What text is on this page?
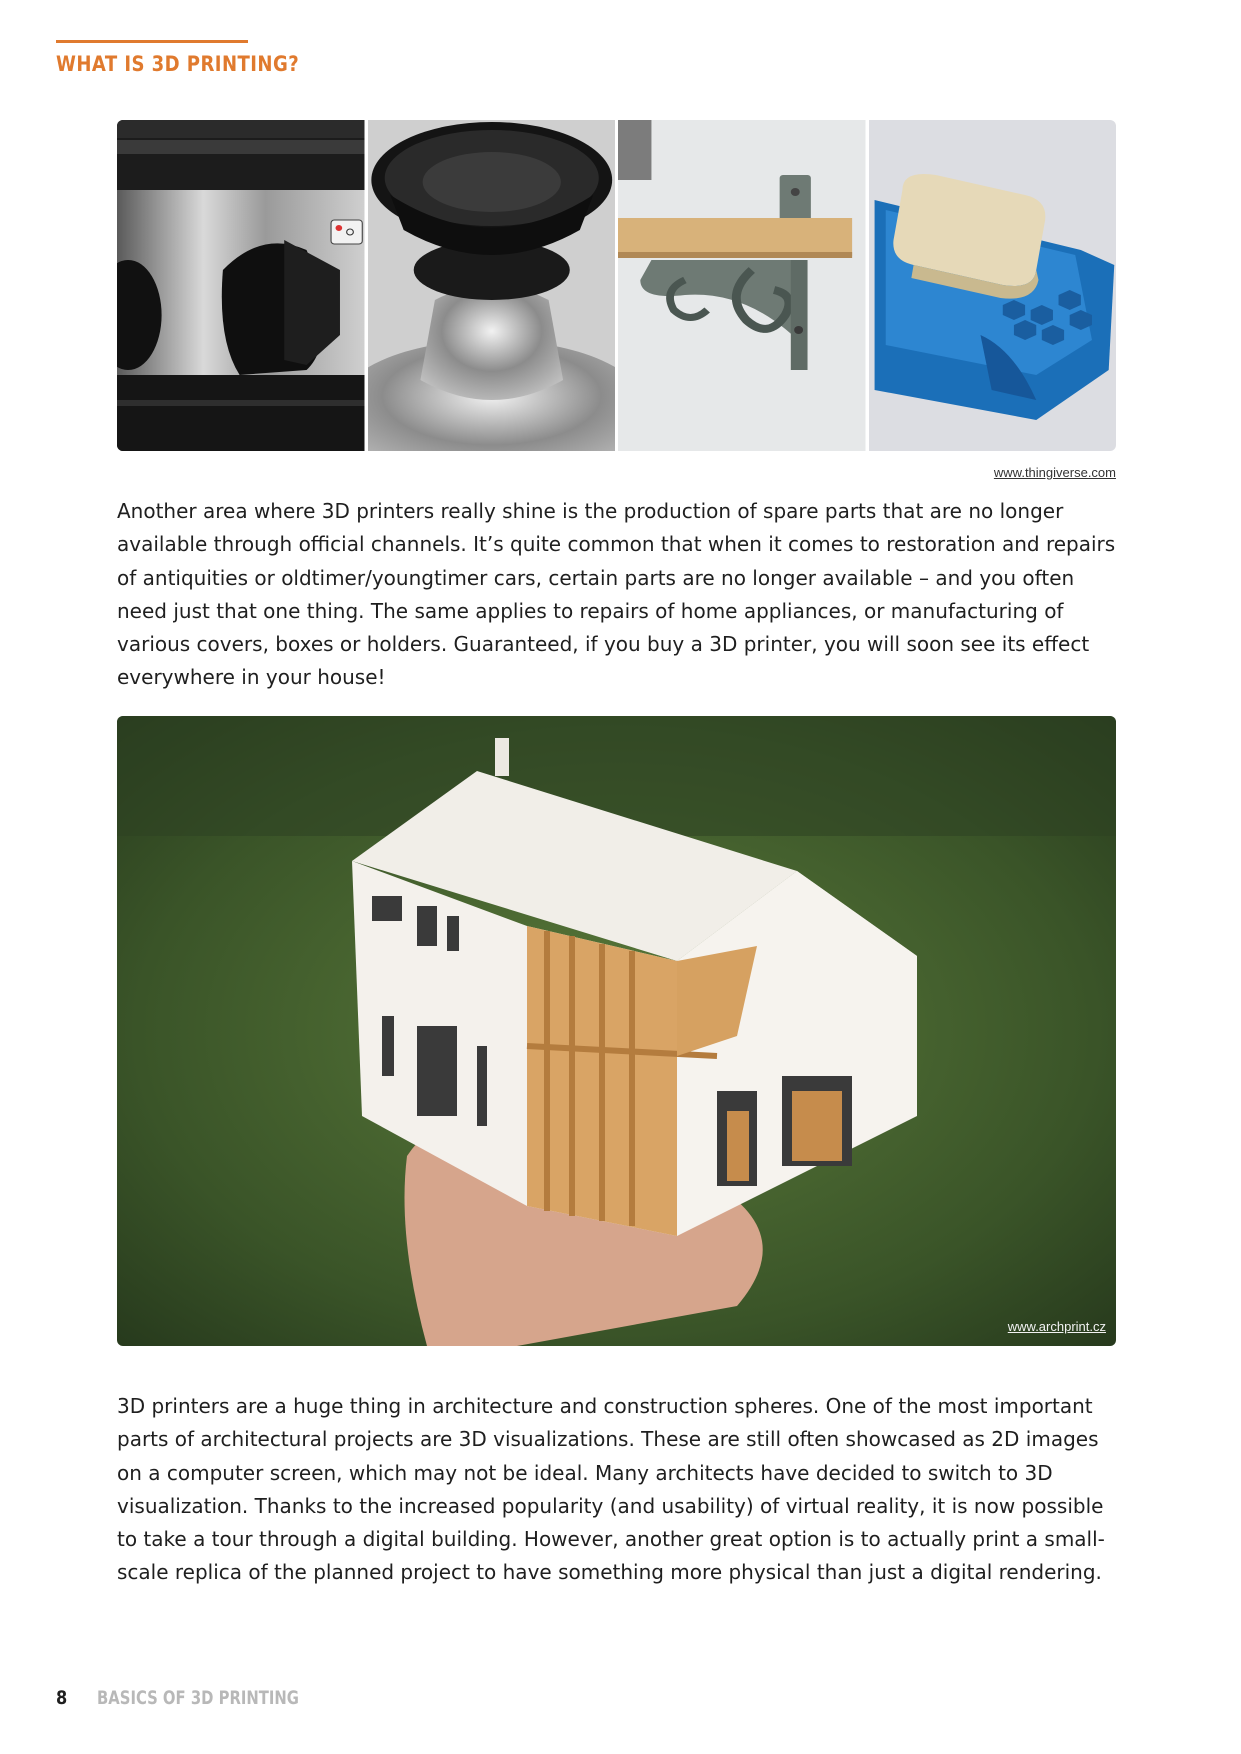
WHAT IS 3D PRINTING?
www.thingiverse.com

Another area where 3D printers really shine is the production of spare parts that are no longer available through official channels. It’s quite common that when it comes to restoration and repairs of antiquities or oldtimer/youngtimer cars, certain parts are no longer available – and you often need just that one thing. The same applies to repairs of home appliances, or manufacturing of various covers, boxes or holders. Guaranteed, if you buy a 3D printer, you will soon see its effect everywhere in your house!

www.archprint.cz

3D printers are a huge thing in architecture and construction spheres. One of the most important parts of architectural projects are 3D visualizations. These are still often showcased as 2D images on a computer screen, which may not be ideal. Many architects have decided to switch to 3D visualization. Thanks to the increased popularity (and usability) of virtual reality, it is now possible to take a tour through a digital building. However, another great option is to actually print a small-scale replica of the planned project to have something more physical than just a digital rendering.

8 BASICS OF 3D PRINTING
